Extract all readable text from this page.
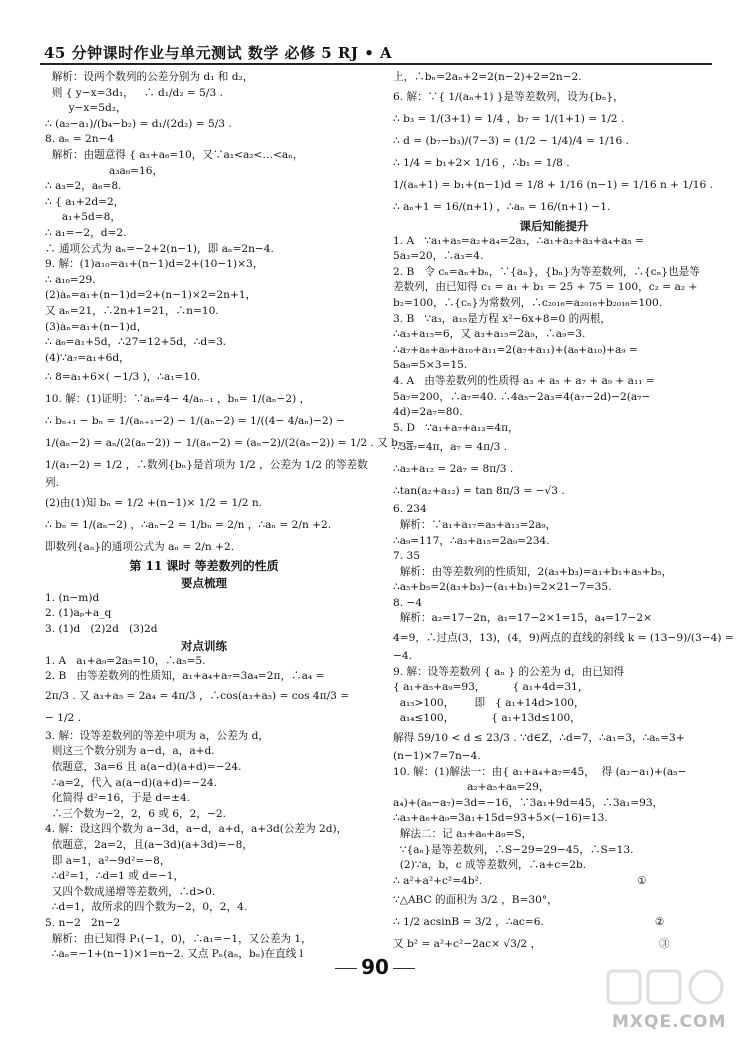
45 分钟课时作业与单元测试 数学 必修 5 RJ • A
解析：设两个数列的公差分别为 d₁ 和 d₂，
则 { y−x=3d₁，   ∴ d₁/d₂ = 5/3 .
y−x=5d₂，
∴ (a₂−a₁)/(b₄−b₂) = d₁/(2d₂) = 5/3 .
8. aₙ = 2n−4
解析：由题意得 { a₃+a₆=10，又∵a₁<a₂<…<aₙ，
a₃a₆=16，
∴ a₃=2，a₆=8.
∴ { a₁+2d=2，
a₁+5d=8，
∴ a₁=−2，d=2.
∴ 通项公式为 aₙ=−2+2(n−1)，即 aₙ=2n−4.
9. 解：(1)a₁₀=a₁+(n−1)d=2+(10−1)×3，
∴ a₁₀=29.
(2)aₙ=a₁+(n−1)d=2+(n−1)×2=2n+1，
又 aₙ=21，∴2n+1=21，∴n=10.
(3)aₙ=a₁+(n−1)d，
∴ a₆=a₁+5d，∴27=12+5d，∴d=3.
(4)∵a₇=a₁+6d，
∴ 8=a₁+6×( −1/3 )，∴a₁=10.
10. 解：(1)证明：∵aₙ=4− 4/aₙ₋₁ ，bₙ= 1/(aₙ−2) ，
∴ bₙ₊₁ − bₙ = 1/(aₙ₊₁−2) − 1/(aₙ−2) = 1/((4− 4/aₙ)−2) −
1/(aₙ−2) = aₙ/(2(aₙ−2)) − 1/(aₙ−2) = (aₙ−2)/(2(aₙ−2)) = 1/2 . 又 b₁ =
1/(a₁−2) = 1/2 ，∴数列{bₙ}是首项为 1/2 ，公差为 1/2 的等差数
列.
(2)由(1)知 bₙ = 1/2 +(n−1)× 1/2 = 1/2 n.
∴ bₙ = 1/(aₙ−2) ，∴aₙ−2 = 1/bₙ = 2/n ，∴aₙ = 2/n +2.
即数列{aₙ}的通项公式为 aₙ = 2/n +2.
第 11 课时 等差数列的性质
要点梳理
1. (n−m)d
2. (1)aₚ+a_q
3. (1)d   (2)2d   (3)2d
对点训练
1. A   a₁+a₉=2a₅=10，∴a₅=5.
2. B   由等差数列的性质知，a₁+a₄+a₇=3a₄=2π，∴a₄ =
2π/3 . 又 a₃+a₅ = 2a₄ = 4π/3 ，∴cos(a₃+a₅) = cos 4π/3 =
− 1/2 .
3. 解：设等差数列的等差中项为 a，公差为 d，
则这三个数分别为 a−d，a，a+d.
依题意，3a=6 且 a(a−d)(a+d)=−24.
∴a=2，代入 a(a−d)(a+d)=−24.
化简得 d²=16，于是 d=±4.
∴三个数为−2，2，6 或 6，2，−2.
4. 解：设这四个数为 a−3d，a−d，a+d，a+3d(公差为 2d)，
依题意，2a=2，且(a−3d)(a+3d)=−8，
即 a=1，a²−9d²=−8，
∴d²=1，∴d=1 或 d=−1，
又四个数成递增等差数列，∴d>0.
∴d=1，故所求的四个数为−2，0，2，4.
5. n−2   2n−2
解析：由已知得 P₁(−1，0)，∴a₁=−1，又公差为 1，
∴aₙ=−1+(n−1)×1=n−2. 又点 Pₙ(aₙ，bₙ)在直线 l
上，∴bₙ=2aₙ+2=2(n−2)+2=2n−2.
6. 解：∵{ 1/(aₙ+1) }是等差数列，设为{bₙ}，
∴ b₃ = 1/(3+1) = 1/4 ，b₇ = 1/(1+1) = 1/2 .
∴ d = (b₇−b₃)/(7−3) = (1/2 − 1/4)/4 = 1/16 .
∴ 1/4 = b₁+2× 1/16 ，∴b₁ = 1/8 .
1/(aₙ+1) = b₁+(n−1)d = 1/8 + 1/16 (n−1) = 1/16 n + 1/16 .
∴ aₙ+1 = 16/(n+1) ，∴aₙ = 16/(n+1) −1.
课后知能提升
1. A   ∵a₁+a₅=a₂+a₄=2a₃，∴a₁+a₂+a₃+a₄+a₅ =
5a₃=20，∴a₃=4.
2. B   令 cₙ=aₙ+bₙ，∵{aₙ}，{bₙ}为等差数列，∴{cₙ}也是等
差数列，由已知得 c₁ = a₁ + b₁ = 25 + 75 = 100，c₂ = a₂ +
b₂=100，∴{cₙ}为常数列，∴c₂₀₁₆=a₂₀₁₆+b₂₀₁₆=100.
3. B   ∵a₃，a₁₅是方程 x²−6x+8=0 的两根，
∴a₃+a₁₅=6，又 a₃+a₁₅=2a₉，∴a₉=3.
∴a₇+a₈+a₉+a₁₀+a₁₁=2(a₇+a₁₁)+(a₈+a₁₀)+a₉ =
5a₉=5×3=15.
4. A   由等差数列的性质得 a₃ + a₅ + a₇ + a₉ + a₁₁ =
5a₇=200，∴a₇=40. ∴4a₅−2a₃=4(a₇−2d)−2(a₇−
4d)=2a₇=80.
5. D   ∵a₁+a₇+a₁₃=4π，
∴3a₇=4π，a₇ = 4π/3 .
∴a₂+a₁₂ = 2a₇ = 8π/3 .
∴tan(a₂+a₁₂) = tan 8π/3 = −√3 .
6. 234
解析：∵a₁+a₁₇=a₅+a₁₃=2a₉，
∴a₉=117，∴a₃+a₁₅=2a₉=234.
7. 35
解析：由等差数列的性质知，2(a₃+b₃)=a₁+b₁+a₅+b₅，
∴a₅+b₅=2(a₃+b₃)−(a₁+b₁)=2×21−7=35.
8. −4
解析：a₂=17−2n，a₁=17−2×1=15，a₄=17−2×
4=9，∴过点(3，13)，(4，9)两点的直线的斜线 k = (13−9)/(3−4) =
−4.
9. 解：设等差数列 { aₙ } 的公差为 d，由已知得
{ a₁+a₅+a₉=93，        { a₁+4d=31，
a₁₅>100，      即   { a₁+14d>100，
a₁₄≤100，           { a₁+13d≤100，
解得 59/10 < d ≤ 23/3 . ∵d∈Z，∴d=7，∴a₁=3，∴aₙ=3+
(n−1)×7=7n−4.
10. 解：(1)解法一：由{ a₁+a₄+a₇=45，  得 (a₂−a₁)+(a₅−
a₂+a₅+a₈=29，
a₄)+(a₈−a₇)=3d=−16，∵3a₁+9d=45，∴3a₁=93，
∴a₃+a₆+a₉=3a₁+15d=93+5×(−16)=13.
解法二：记 a₃+a₆+a₉=S，
∵{aₙ}是等差数列，∴S−29=29−45，∴S=13.
(2)∵a，b，c 成等差数列，∴a+c=2b.
∴ a²+a²+c²=4b².                                              ①
∵△ABC 的面积为 3/2 ，B=30°，
∴ 1/2 acsinB = 3/2 ，∴ac=6.                                 ②
又 b² = a²+c²−2ac× √3/2 ，                                   ③
90
MXQE.COM
